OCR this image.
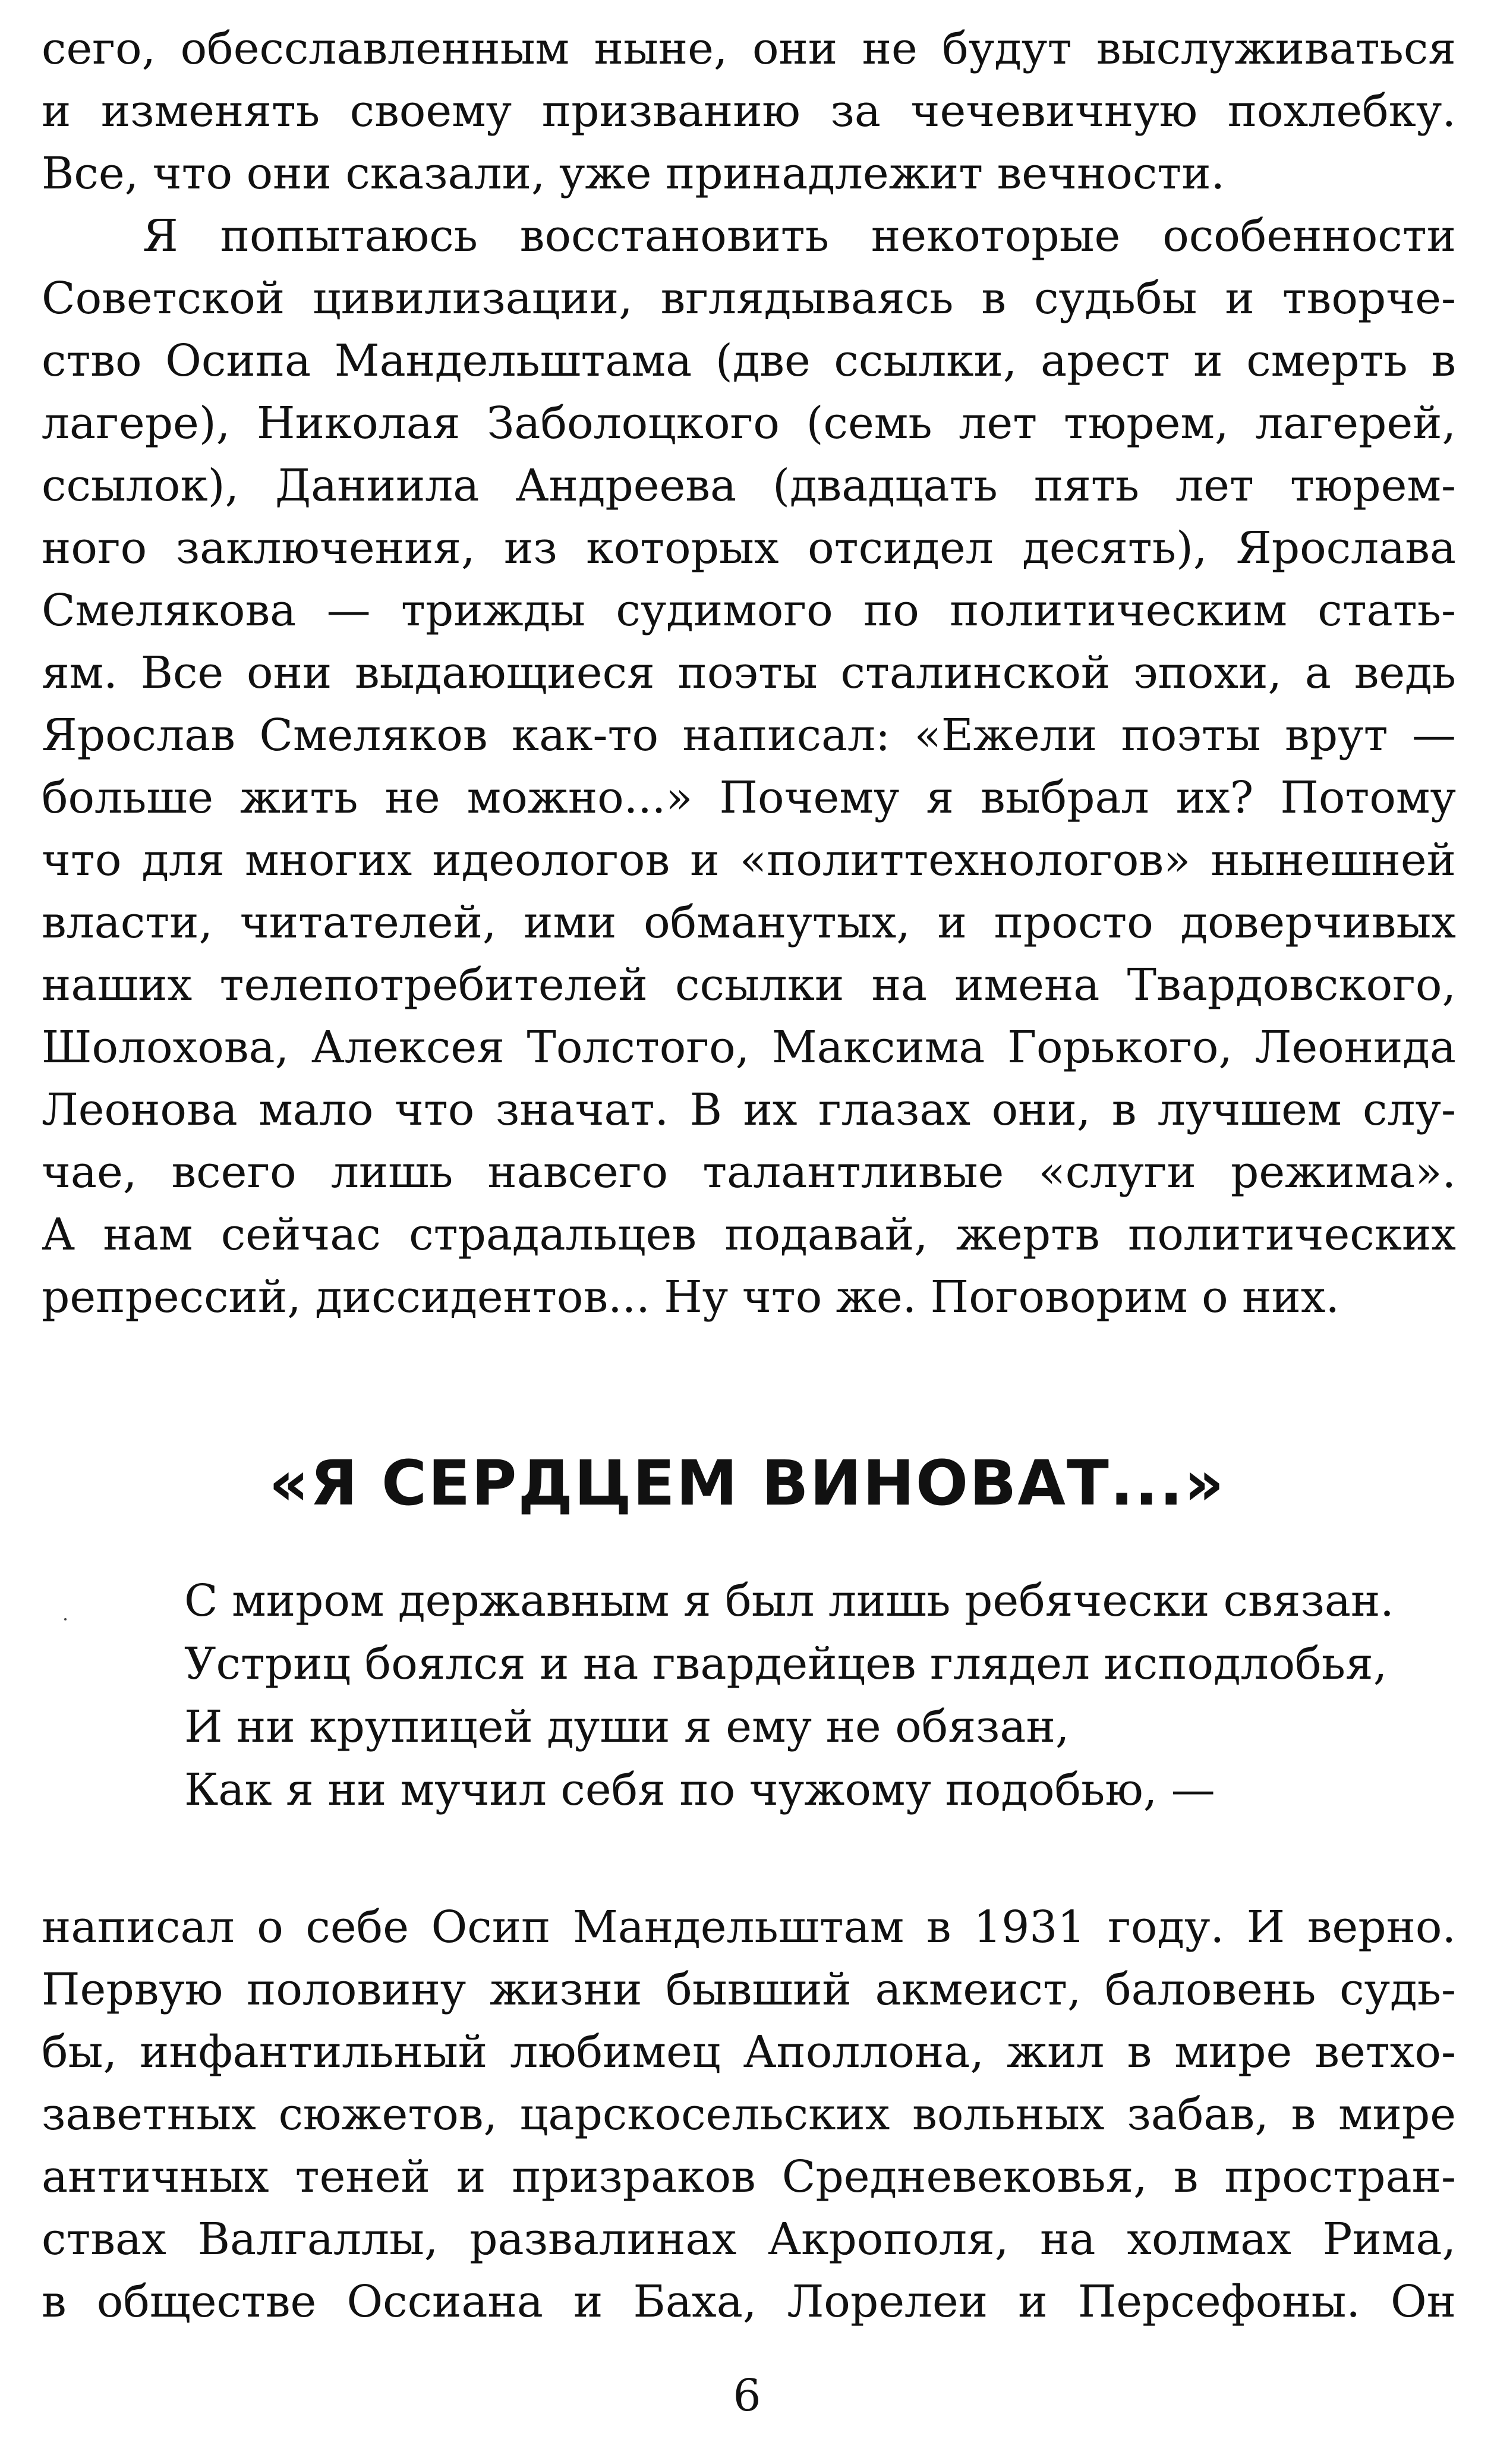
сего, обесславленным ныне, они не будут выслуживаться
и изменять своему призванию за чечевичную похлебку.
Все, что они сказали, уже принадлежит вечности.
Я попытаюсь восстановить некоторые особенности
Советской цивилизации, вглядываясь в судьбы и творче-
ство Осипа Мандельштама (две ссылки, арест и смерть в
лагере), Николая Заболоцкого (семь лет тюрем, лагерей,
ссылок), Даниила Андреева (двадцать пять лет тюрем-
ного заключения, из которых отсидел десять), Ярослава
Смелякова — трижды судимого по политическим стать-
ям. Все они выдающиеся поэты сталинской эпохи, а ведь
Ярослав Смеляков как-то написал: «Ежели поэты врут —
больше жить не можно...» Почему я выбрал их? Потому
что для многих идеологов и «политтехнологов» нынешней
власти, читателей, ими обманутых, и просто доверчивых
наших телепотребителей ссылки на имена Твардовского,
Шолохова, Алексея Толстого, Максима Горького, Леонида
Леонова мало что значат. В их глазах они, в лучшем слу-
чае, всего лишь навсего талантливые «слуги режима».
А нам сейчас страдальцев подавай, жертв политических
репрессий, диссидентов... Ну что же. Поговорим о них.
«Я СЕРДЦЕМ ВИНОВАТ...»
С миром державным я был лишь ребячески связан.
Устриц боялся и на гвардейцев глядел исподлобья,
И ни крупицей души я ему не обязан,
Как я ни мучил себя по чужому подобью, —
написал о себе Осип Мандельштам в 1931 году. И верно.
Первую половину жизни бывший акмеист, баловень судь-
бы, инфантильный любимец Аполлона, жил в мире ветхо-
заветных сюжетов, царскосельских вольных забав, в мире
античных теней и призраков Средневековья, в простран-
ствах Валгаллы, развалинах Акрополя, на холмах Рима,
в обществе Оссиана и Баха, Лорелеи и Персефоны. Он
6
